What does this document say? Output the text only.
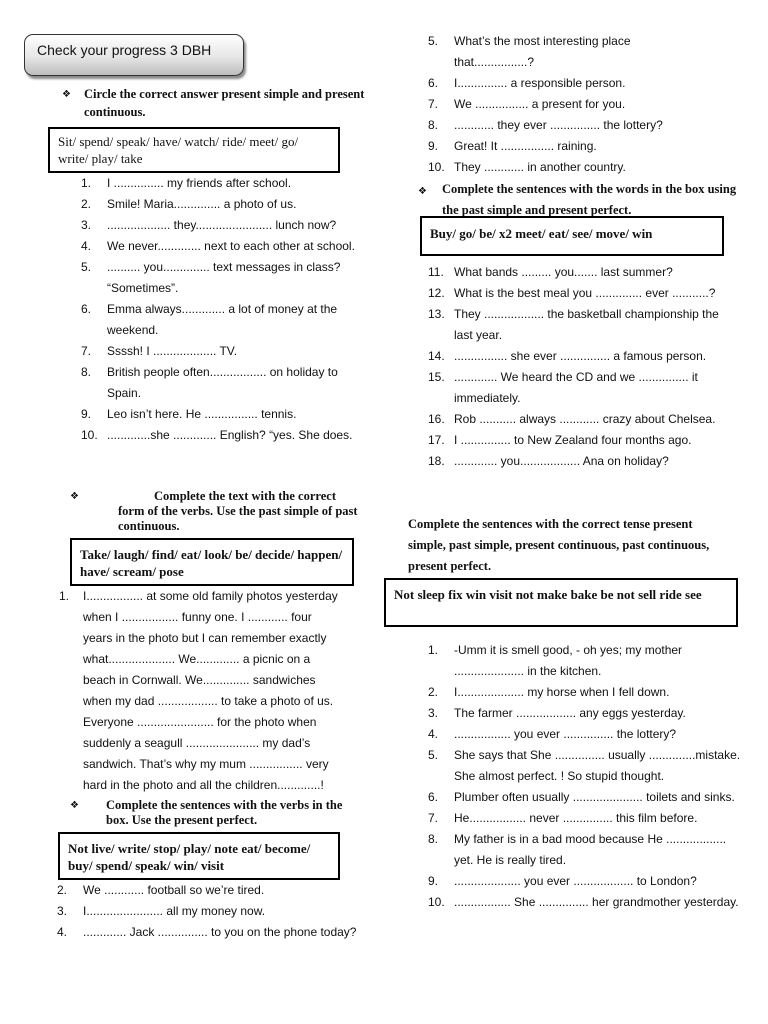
Check your progress 3 DBH
❖	Circle the correct answer present simple and present continuous.
Sit/ spend/ speak/ have/ watch/ ride/ meet/ go/ write/ play/ take
1.	I ............... my friends after school.
2.	Smile! Maria.............. a photo of us.
3.	................... they....................... lunch now?
4.	We never............. next to each other at school.
5.	.......... you.............. text messages in class? “Sometimes”.
6.	Emma always............. a lot of money at the weekend.
7.	Ssssh! I ................... TV.
8.	British people often................. on holiday to Spain.
9.	Leo isn’t here. He ................ tennis.
10. .............she ............. English? “yes. She does.
❖	Complete the text with the correct form of the verbs. Use the past simple of past continuous.
Take/ laugh/ find/ eat/ look/ be/ decide/ happen/ have/ scream/ pose
1. I................. at some old family photos yesterday
when I ................. funny one. I ............ four
years in the photo but I can remember exactly
what.................... We............. a picnic on a
beach in Cornwall. We.............. sandwiches
when my dad .................. to take a photo of us.
Everyone ....................... for the photo when
suddenly a seagull ...................... my dad’s
sandwich. That’s why my mum ................ very
hard in the photo and all the children.............!
❖	Complete the sentences with the verbs in the box. Use the present perfect.
Not live/ write/ stop/ play/ note eat/ become/ buy/ spend/ speak/ win/ visit
2.	We ............ football so we’re tired.
3.	I....................... all my money now.
4.	............. Jack ............... to you on the phone today?
5.	What’s the most interesting place that................?
6.	I............... a responsible person.
7.	We ................ a present for you.
8.	............ they ever ............... the lottery?
9.	Great! It ................ raining.
10. They ............ in another country.
❖	Complete the sentences with the words in the box using the past simple and present perfect.
Buy/ go/ be/ x2 meet/ eat/ see/ move/ win
11. What bands ......... you....... last summer?
12. What is the best meal you .............. ever ...........?
13. They .................. the basketball championship the last year.
14. ................ she ever ............... a famous person.
15. ............. We heard the CD and we ............... it immediately.
16. Rob ........... always ............ crazy about Chelsea.
17. I ............... to New Zealand four months ago.
18. ............. you.................. Ana on holiday?
Complete the sentences with the correct tense present simple, past simple, present continuous, past continuous, present perfect.
Not sleep fix win visit not make bake be not sell ride see
1.	-Umm it is smell good, - oh yes; my mother ..................... in the kitchen.
2.	I.................... my horse when I fell down.
3.	The farmer .................. any eggs yesterday.
4.	................. you ever ............... the lottery?
5.	She says that She ............... usually ..............mistake. She almost perfect. ! So stupid thought.
6.	Plumber often usually ..................... toilets and sinks.
7.	He................. never ............... this film before.
8.	My father is in a bad mood because He .................. yet. He is really tired.
9.	.................... you ever .................. to London?
10. ................. She ............... her grandmother yesterday.
